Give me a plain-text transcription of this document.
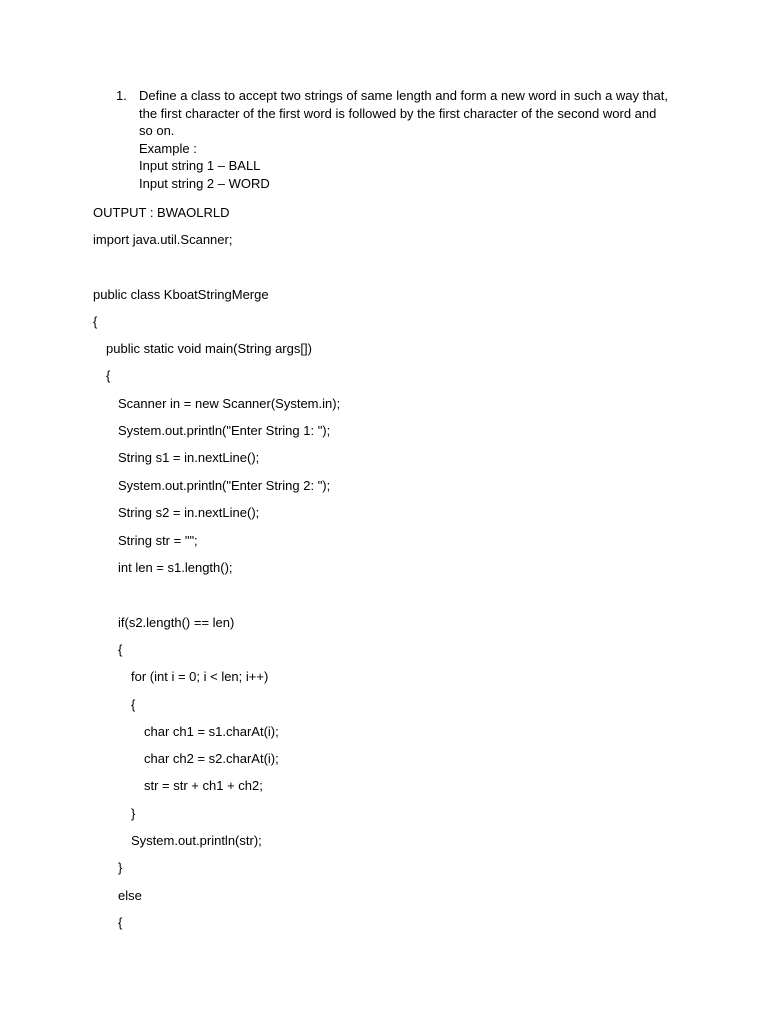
1. Define a class to accept two strings of same length and form a new word in such a way that, the first character of the first word is followed by the first character of the second word and so on.

Example :

Input string 1 – BALL

Input string 2 – WORD

OUTPUT : BWAOLRLD
import java.util.Scanner;
public class KboatStringMerge
{
public static void main(String args[])
{
Scanner in = new Scanner(System.in);
System.out.println("Enter String 1: ");
String s1 = in.nextLine();
System.out.println("Enter String 2: ");
String s2 = in.nextLine();
String str = "";
int len = s1.length();
if(s2.length() == len)
{
for (int i = 0; i < len; i++)
{
char ch1 = s1.charAt(i);
char ch2 = s2.charAt(i);
str = str + ch1 + ch2;
}
System.out.println(str);
}
else
{
